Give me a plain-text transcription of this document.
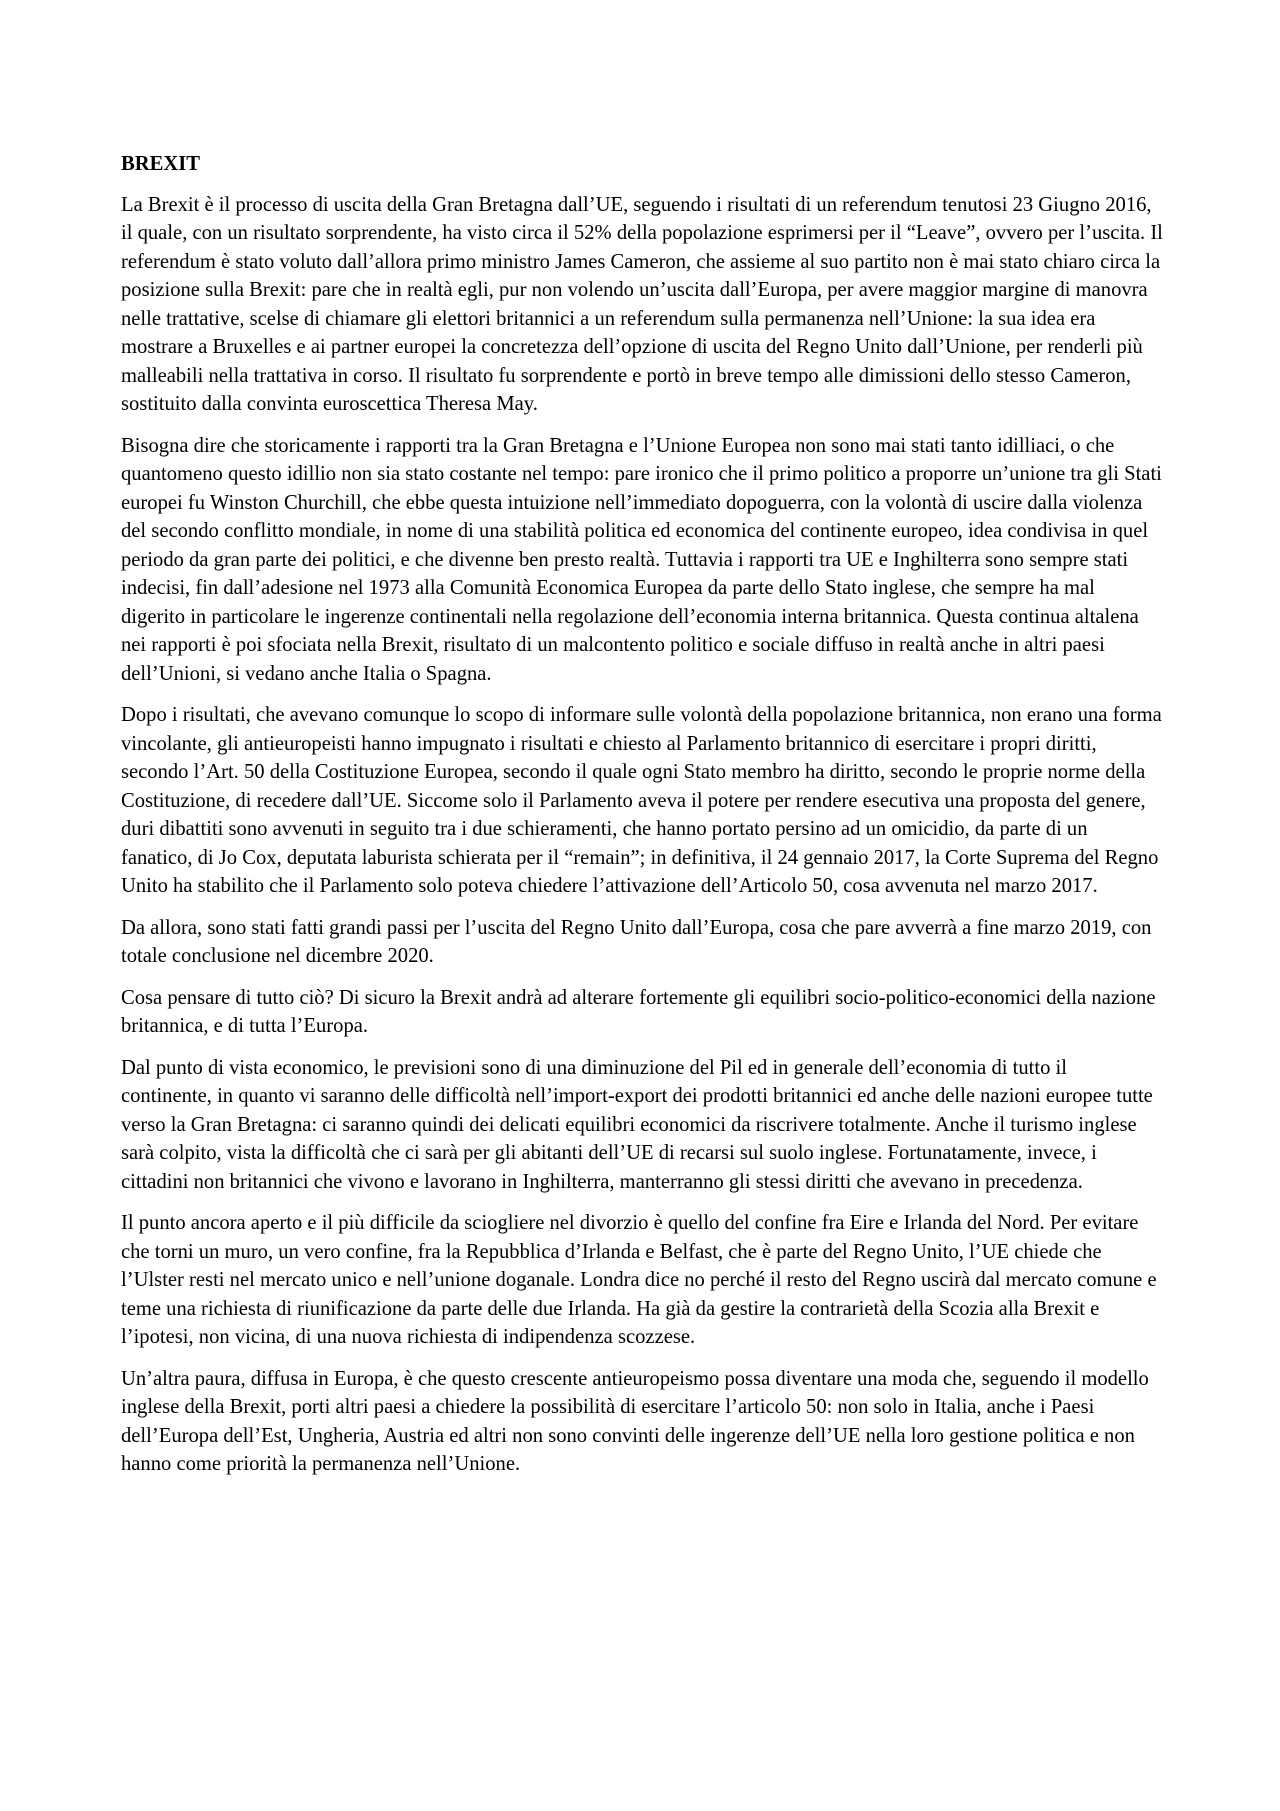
BREXIT

La Brexit è il processo di uscita della Gran Bretagna dall’UE, seguendo i risultati di un referendum tenutosi 23 Giugno 2016, il quale, con un risultato sorprendente, ha visto circa il 52% della popolazione esprimersi per il “Leave”, ovvero per l’uscita. Il referendum è stato voluto dall’allora primo ministro James Cameron, che assieme al suo partito non è mai stato chiaro circa la posizione sulla Brexit: pare che in realtà egli, pur non volendo un’uscita dall’Europa, per avere maggior margine di manovra nelle trattative, scelse di chiamare gli elettori britannici a un referendum sulla permanenza nell’Unione: la sua idea era mostrare a Bruxelles e ai partner europei la concretezza dell’opzione di uscita del Regno Unito dall’Unione, per renderli più malleabili nella trattativa in corso. Il risultato fu sorprendente e portò in breve tempo alle dimissioni dello stesso Cameron, sostituito dalla convinta euroscettica Theresa May.

Bisogna dire che storicamente i rapporti tra la Gran Bretagna e l’Unione Europea non sono mai stati tanto idilliaci, o che quantomeno questo idillio non sia stato costante nel tempo: pare ironico che il primo politico a proporre un’unione tra gli Stati europei fu Winston Churchill, che ebbe questa intuizione nell’immediato dopoguerra, con la volontà di uscire dalla violenza del secondo conflitto mondiale, in nome di una stabilità politica ed economica del continente europeo, idea condivisa in quel periodo da gran parte dei politici, e che divenne ben presto realtà. Tuttavia i rapporti tra UE e Inghilterra sono sempre stati indecisi, fin dall’adesione nel 1973 alla Comunità Economica Europea da parte dello Stato inglese, che sempre ha mal digerito in particolare le ingerenze continentali nella regolazione dell’economia interna britannica. Questa continua altalena nei rapporti è poi sfociata nella Brexit, risultato di un malcontento politico e sociale diffuso in realtà anche in altri paesi dell’Unioni, si vedano anche Italia o Spagna.

Dopo i risultati, che avevano comunque lo scopo di informare sulle volontà della popolazione britannica, non erano una forma vincolante, gli antieuropeisti hanno impugnato i risultati e chiesto al Parlamento britannico di esercitare i propri diritti, secondo l’Art. 50 della Costituzione Europea, secondo il quale ogni Stato membro ha diritto, secondo le proprie norme della Costituzione, di recedere dall’UE. Siccome solo il Parlamento aveva il potere per rendere esecutiva una proposta del genere, duri dibattiti sono avvenuti in seguito tra i due schieramenti, che hanno portato persino ad un omicidio, da parte di un fanatico, di Jo Cox, deputata laburista schierata per il “remain”; in definitiva, il 24 gennaio 2017, la Corte Suprema del Regno Unito ha stabilito che il Parlamento solo poteva chiedere l’attivazione dell’Articolo 50, cosa avvenuta nel marzo 2017.

Da allora, sono stati fatti grandi passi per l’uscita del Regno Unito dall’Europa, cosa che pare avverrà a fine marzo 2019, con totale conclusione nel dicembre 2020.

Cosa pensare di tutto ciò? Di sicuro la Brexit andrà ad alterare fortemente gli equilibri socio-politico-economici della nazione britannica, e di tutta l’Europa.

Dal punto di vista economico, le previsioni sono di una diminuzione del Pil ed in generale dell’economia di tutto il continente, in quanto vi saranno delle difficoltà nell’import-export dei prodotti britannici ed anche delle nazioni europee tutte verso la Gran Bretagna: ci saranno quindi dei delicati equilibri economici da riscrivere totalmente. Anche il turismo inglese sarà colpito, vista la difficoltà che ci sarà per gli abitanti dell’UE di recarsi sul suolo inglese. Fortunatamente, invece, i cittadini non britannici che vivono e lavorano in Inghilterra, manterranno gli stessi diritti che avevano in precedenza.

Il punto ancora aperto e il più difficile da sciogliere nel divorzio è quello del confine fra Eire e Irlanda del Nord. Per evitare che torni un muro, un vero confine, fra la Repubblica d’Irlanda e Belfast, che è parte del Regno Unito, l’UE chiede che l’Ulster resti nel mercato unico e nell’unione doganale. Londra dice no perché il resto del Regno uscirà dal mercato comune e teme una richiesta di riunificazione da parte delle due Irlanda. Ha già da gestire la contrarietà della Scozia alla Brexit e l’ipotesi, non vicina, di una nuova richiesta di indipendenza scozzese.

Un’altra paura, diffusa in Europa, è che questo crescente antieuropeismo possa diventare una moda che, seguendo il modello inglese della Brexit, porti altri paesi a chiedere la possibilità di esercitare l’articolo 50: non solo in Italia, anche i Paesi dell’Europa dell’Est, Ungheria, Austria ed altri non sono convinti delle ingerenze dell’UE nella loro gestione politica e non hanno come priorità la permanenza nell’Unione.
